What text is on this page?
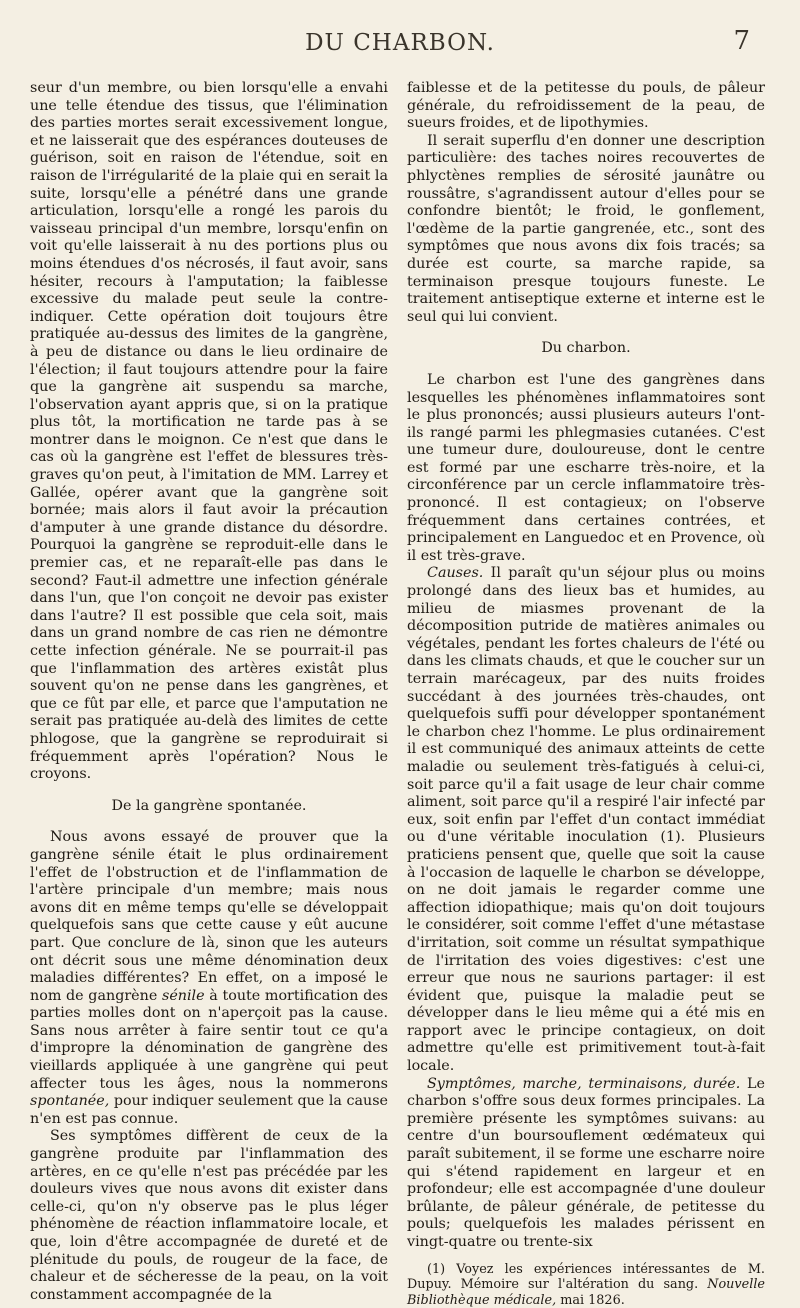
DU CHARBON.	7

seur d'un membre, ou bien lorsqu'elle a envahi une telle étendue des tissus, que l'élimination des parties mortes serait excessivement longue, et ne laisserait que des espérances douteuses de guérison, soit en raison de l'étendue, soit en raison de l'irrégularité de la plaie qui en serait la suite, lorsqu'elle a pénétré dans une grande articulation, lorsqu'elle a rongé les parois du vaisseau principal d'un membre, lorsqu'enfin on voit qu'elle laisserait à nu des portions plus ou moins étendues d'os nécrosés, il faut avoir, sans hésiter, recours à l'amputation; la faiblesse excessive du malade peut seule la contre-indiquer. Cette opération doit toujours être pratiquée au-dessus des limites de la gangrène, à peu de distance ou dans le lieu ordinaire de l'élection; il faut toujours attendre pour la faire que la gangrène ait suspendu sa marche, l'observation ayant appris que, si on la pratique plus tôt, la mortification ne tarde pas à se montrer dans le moignon. Ce n'est que dans le cas où la gangrène est l'effet de blessures très-graves qu'on peut, à l'imitation de MM. Larrey et Gallée, opérer avant que la gangrène soit bornée; mais alors il faut avoir la précaution d'amputer à une grande distance du désordre. Pourquoi la gangrène se reproduit-elle dans le premier cas, et ne reparaît-elle pas dans le second? Faut-il admettre une infection générale dans l'un, que l'on conçoit ne devoir pas exister dans l'autre? Il est possible que cela soit, mais dans un grand nombre de cas rien ne démontre cette infection générale. Ne se pourrait-il pas que l'inflammation des artères existât plus souvent qu'on ne pense dans les gangrènes, et que ce fût par elle, et parce que l'amputation ne serait pas pratiquée au-delà des limites de cette phlogose, que la gangrène se reproduirait si fréquemment après l'opération? Nous le croyons.

De la gangrène spontanée.

Nous avons essayé de prouver que la gangrène sénile était le plus ordinairement l'effet de l'obstruction et de l'inflammation de l'artère principale d'un membre; mais nous avons dit en même temps qu'elle se développait quelquefois sans que cette cause y eût aucune part. Que conclure de là, sinon que les auteurs ont décrit sous une même dénomination deux maladies différentes? En effet, on a imposé le nom de gangrène sénile à toute mortification des parties molles dont on n'aperçoit pas la cause. Sans nous arrêter à faire sentir tout ce qu'a d'impropre la dénomination de gangrène des vieillards appliquée à une gangrène qui peut affecter tous les âges, nous la nommerons spontanée, pour indiquer seulement que la cause n'en est pas connue.

Ses symptômes diffèrent de ceux de la gangrène produite par l'inflammation des artères, en ce qu'elle n'est pas précédée par les douleurs vives que nous avons dit exister dans celle-ci, qu'on n'y observe pas le plus léger phénomène de réaction inflammatoire locale, et que, loin d'être accompagnée de dureté et de plénitude du pouls, de rougeur de la face, de chaleur et de sécheresse de la peau, on la voit constamment accompagnée de la

faiblesse et de la petitesse du pouls, de pâleur générale, du refroidissement de la peau, de sueurs froides, et de lipothymies.

Il serait superflu d'en donner une description particulière: des taches noires recouvertes de phlyctènes remplies de sérosité jaunâtre ou roussâtre, s'agrandissent autour d'elles pour se confondre bientôt; le froid, le gonflement, l'œdème de la partie gangrenée, etc., sont des symptômes que nous avons dix fois tracés; sa durée est courte, sa marche rapide, sa terminaison presque toujours funeste. Le traitement antiseptique externe et interne est le seul qui lui convient.

Du charbon.

Le charbon est l'une des gangrènes dans lesquelles les phénomènes inflammatoires sont le plus prononcés; aussi plusieurs auteurs l'ont-ils rangé parmi les phlegmasies cutanées. C'est une tumeur dure, douloureuse, dont le centre est formé par une escharre très-noire, et la circonférence par un cercle inflammatoire très-prononcé. Il est contagieux; on l'observe fréquemment dans certaines contrées, et principalement en Languedoc et en Provence, où il est très-grave.

Causes. Il paraît qu'un séjour plus ou moins prolongé dans des lieux bas et humides, au milieu de miasmes provenant de la décomposition putride de matières animales ou végétales, pendant les fortes chaleurs de l'été ou dans les climats chauds, et que le coucher sur un terrain marécageux, par des nuits froides succédant à des journées très-chaudes, ont quelquefois suffi pour développer spontanément le charbon chez l'homme. Le plus ordinairement il est communiqué des animaux atteints de cette maladie ou seulement très-fatigués à celui-ci, soit parce qu'il a fait usage de leur chair comme aliment, soit parce qu'il a respiré l'air infecté par eux, soit enfin par l'effet d'un contact immédiat ou d'une véritable inoculation (1). Plusieurs praticiens pensent que, quelle que soit la cause à l'occasion de laquelle le charbon se développe, on ne doit jamais le regarder comme une affection idiopathique; mais qu'on doit toujours le considérer, soit comme l'effet d'une métastase d'irritation, soit comme un résultat sympathique de l'irritation des voies digestives: c'est une erreur que nous ne saurions partager: il est évident que, puisque la maladie peut se développer dans le lieu même qui a été mis en rapport avec le principe contagieux, on doit admettre qu'elle est primitivement tout-à-fait locale.

Symptômes, marche, terminaisons, durée. Le charbon s'offre sous deux formes principales. La première présente les symptômes suivans: au centre d'un boursouflement œdémateux qui paraît subitement, il se forme une escharre noire qui s'étend rapidement en largeur et en profondeur; elle est accompagnée d'une douleur brûlante, de pâleur générale, de petitesse du pouls; quelquefois les malades périssent en vingt-quatre ou trente-six

(1) Voyez les expériences intéressantes de M. Dupuy. Mémoire sur l'altération du sang. Nouvelle Bibliothèque médicale, mai 1826.
